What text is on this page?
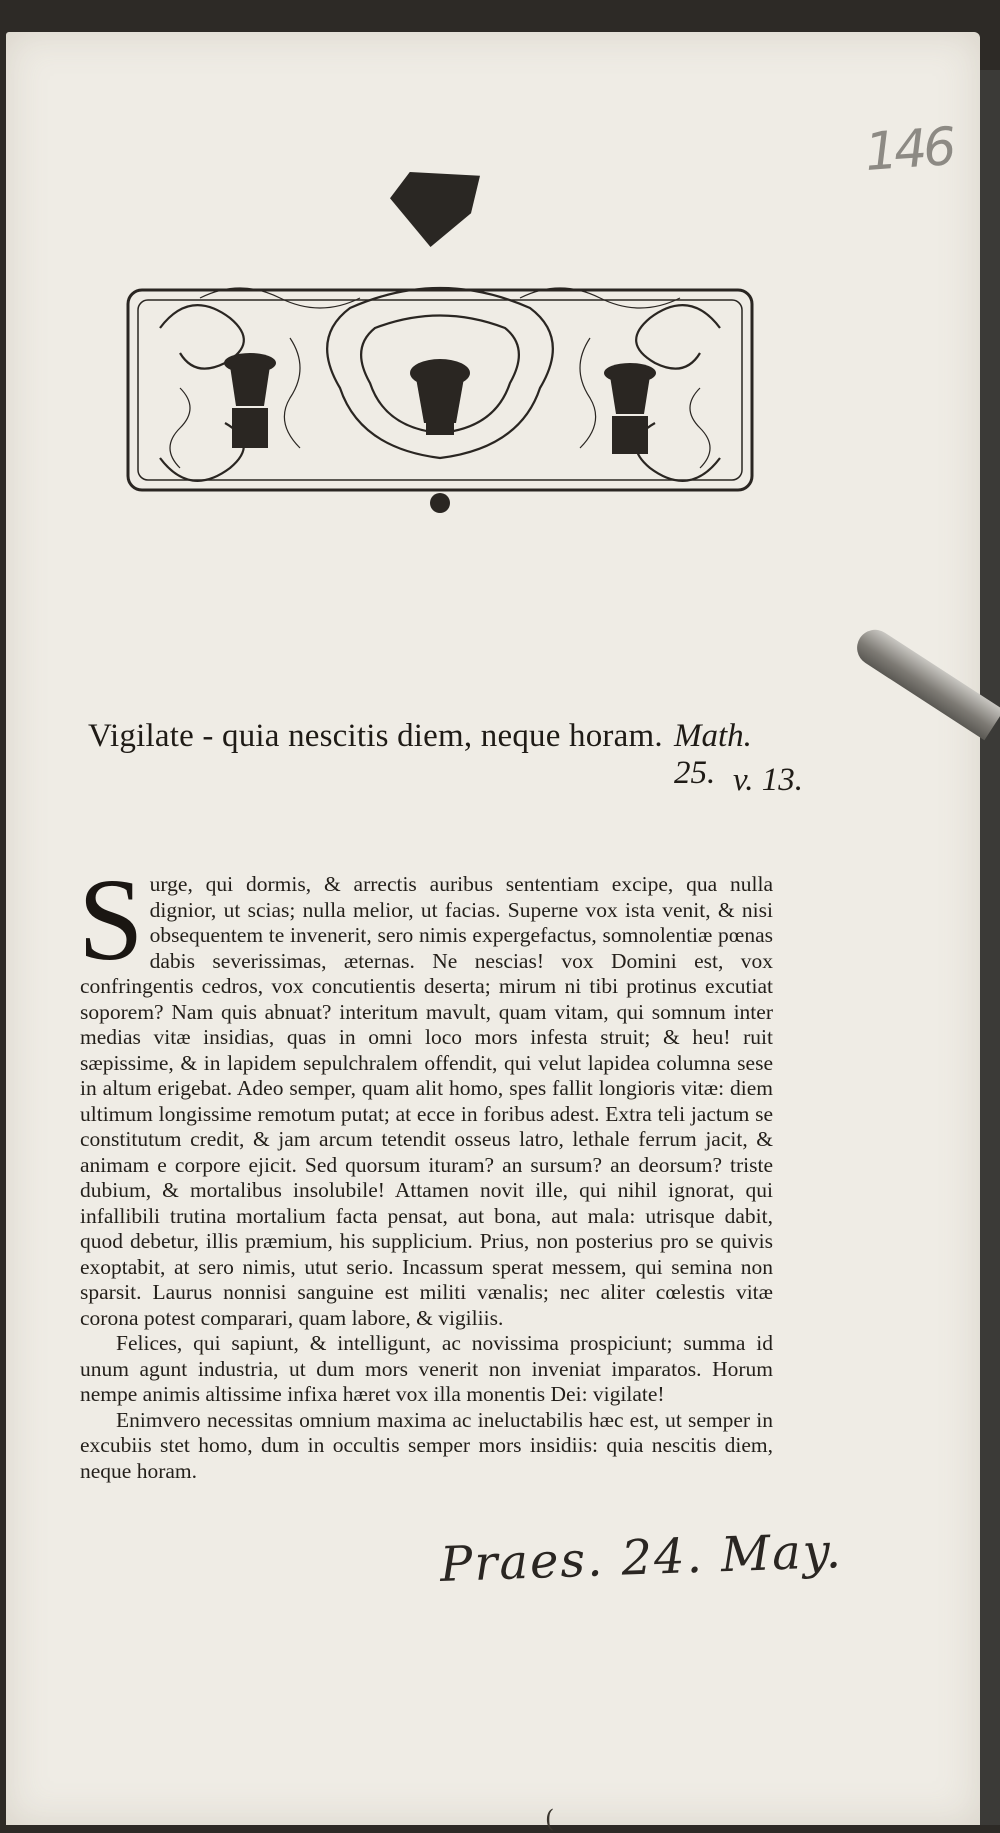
146
Vigilate - quia nescitis diem, neque horam. Math. 25. v. 13.

Surge, qui dormis, & arrectis auribus sententiam excipe, qua nulla dignior, ut scias; nulla melior, ut facias. Superne vox ista venit, & nisi obsequentem te invenerit, sero nimis expergefactus, somnolentiæ pœnas dabis severissimas, æternas. Ne nescias! vox Domini est, vox confringentis cedros, vox concutientis deserta; mirum ni tibi protinus excutiat soporem? Nam quis abnuat? interitum mavult, quam vitam, qui somnum inter medias vitæ insidias, quas in omni loco mors infesta struit; & heu! ruit sæpissime, & in lapidem sepulchralem offendit, qui velut lapidea columna sese in altum erigebat. Adeo semper, quam alit homo, spes fallit longioris vitæ: diem ultimum longissime remotum putat; at ecce in foribus adest. Extra teli jactum se constitutum credit, & jam arcum tetendit osseus latro, lethale ferrum jacit, & animam e corpore ejicit. Sed quorsum ituram? an sursum? an deorsum? triste dubium, & mortalibus insolubile! Attamen novit ille, qui nihil ignorat, qui infallibili trutina mortalium facta pensat, aut bona, aut mala: utrisque dabit, quod debetur, illis præmium, his supplicium. Prius, non posterius pro se quivis exoptabit, at sero nimis, utut serio. Incassum sperat messem, qui semina non sparsit. Laurus nonnisi sanguine est militi vænalis; nec aliter cœlestis vitæ corona potest comparari, quam labore, & vigiliis.

Felices, qui sapiunt, & intelligunt, ac novissima prospiciunt; summa id unum agunt industria, ut dum mors venerit non inveniat imparatos. Horum nempe animis altissime infixa hæret vox illa monentis Dei: vigilate!

Enimvero necessitas omnium maxima ac ineluctabilis hæc est, ut semper in excubiis stet homo, dum in occultis semper mors insidiis: quia nescitis diem, neque horam.

Praes. 24. May.
(
